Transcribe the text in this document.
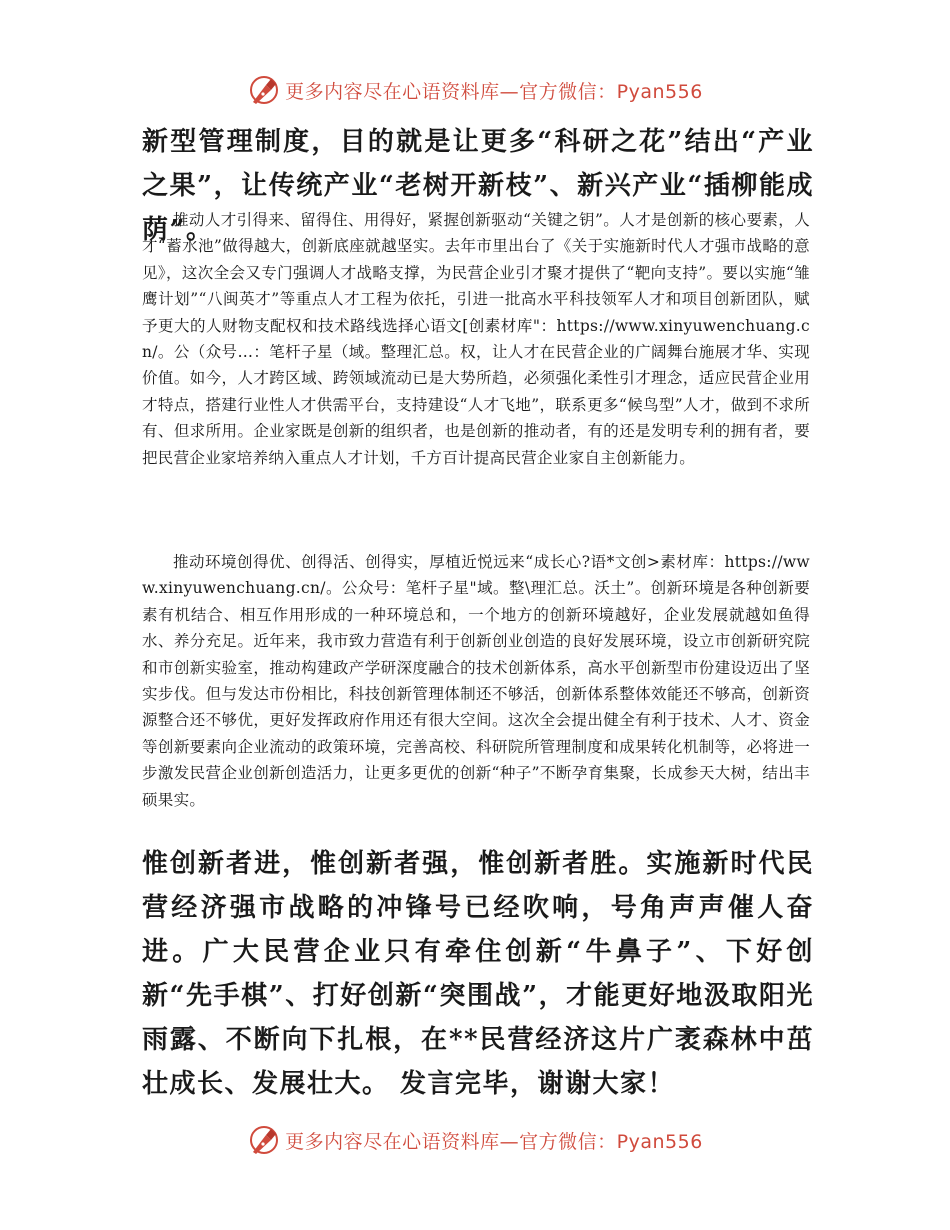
更多内容尽在心语资料库—官方微信：Pyan556

新型管理制度，目的就是让更多“科研之花”结出“产业之果”，让传统产业“老树开新枝”、新兴产业“插柳能成荫”。

推动人才引得来、留得住、用得好，紧握创新驱动“关键之钥”。人才是创新的核心要素，人才“蓄水池”做得越大，创新底座就越坚实。去年市里出台了《关于实施新时代人才强市战略的意见》，这次全会又专门强调人才战略支撑，为民营企业引才聚才提供了“靶向支持”。要以实施“雏鹰计划”“八闽英才”等重点人才工程为依托，引进一批高水平科技领军人才和项目创新团队，赋予更大的人财物支配权和技术路线选择心语文[创素材库"：https://www.xinyuwenchuang.cn/。公（众号…：笔杆子星（域。整理汇总。权，让人才在民营企业的广阔舞台施展才华、实现价值。如今，人才跨区域、跨领域流动已是大势所趋，必须强化柔性引才理念，适应民营企业用才特点，搭建行业性人才供需平台，支持建设“人才飞地”，联系更多“候鸟型”人才，做到不求所有、但求所用。企业家既是创新的组织者，也是创新的推动者，有的还是发明专利的拥有者，要把民营企业家培养纳入重点人才计划，千方百计提高民营企业家自主创新能力。

推动环境创得优、创得活、创得实，厚植近悦远来“成长心?语*文创>素材库：https://www.xinyuwenchuang.cn/。公众号：笔杆子星"域。整\理汇总。沃土”。创新环境是各种创新要素有机结合、相互作用形成的一种环境总和，一个地方的创新环境越好，企业发展就越如鱼得水、养分充足。近年来，我市致力营造有利于创新创业创造的良好发展环境，设立市创新研究院和市创新实验室，推动构建政产学研深度融合的技术创新体系，高水平创新型市份建设迈出了坚实步伐。但与发达市份相比，科技创新管理体制还不够活，创新体系整体效能还不够高，创新资源整合还不够优，更好发挥政府作用还有很大空间。这次全会提出健全有利于技术、人才、资金等创新要素向企业流动的政策环境，完善高校、科研院所管理制度和成果转化机制等，必将进一步激发民营企业创新创造活力，让更多更优的创新“种子”不断孕育集聚，长成参天大树，结出丰硕果实。

惟创新者进，惟创新者强，惟创新者胜。实施新时代民营经济强市战略的冲锋号已经吹响，号角声声催人奋进。广大民营企业只有牵住创新“牛鼻子”、下好创新“先手棋”、打好创新“突围战”，才能更好地汲取阳光雨露、不断向下扎根，在**民营经济这片广袤森林中茁壮成长、发展壮大。 发言完毕，谢谢大家！

更多内容尽在心语资料库—官方微信：Pyan556
